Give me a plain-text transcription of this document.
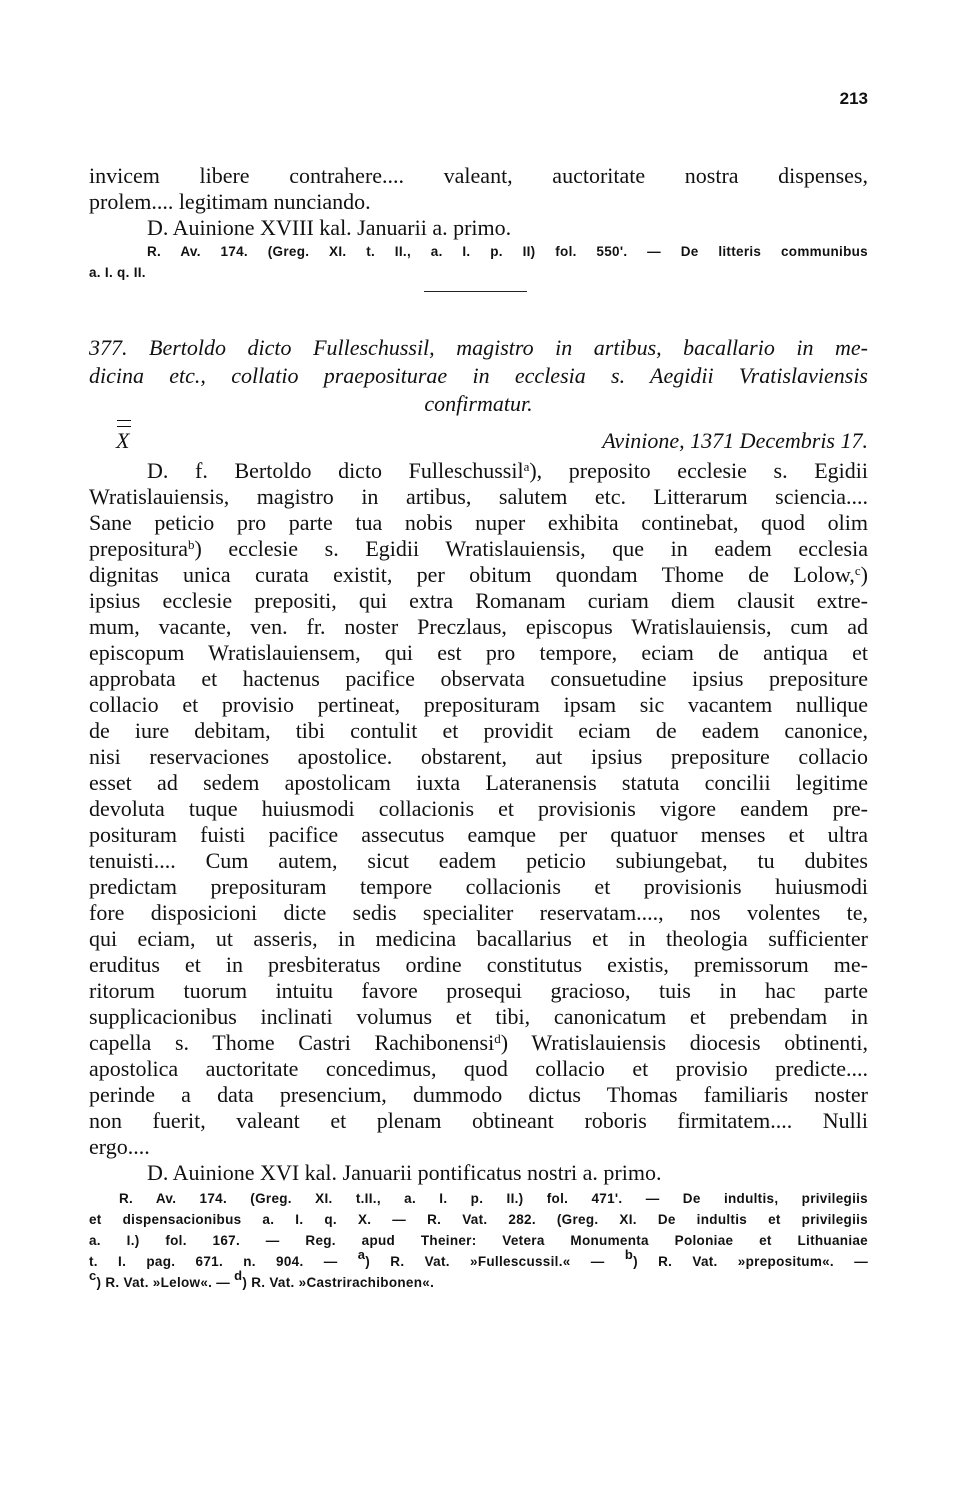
213
invicem libere contrahere.... valeant, auctoritate nostra dispenses,
prolem.... legitimam nunciando.
D. Auinione XVIII kal. Januarii a. primo.
R. Av. 174. (Greg. XI. t. II., a. I. p. II) fol. 550'. — De litteris communibus
a. I. q. II.
377. Bertoldo dicto Fulleschussil, magistro in artibus, bacallario in me-
dicina etc., collatio praepositurae in ecclesia s. Aegidii Vratislaviensis
confirmatur.
X	Avinione, 1371 Decembris 17.
D. f. Bertoldo dicto Fulleschussil$^a$), preposito ecclesie s. Egidii
Wratislauiensis, magistro in artibus, salutem etc. Litterarum sciencia....
Sane peticio pro parte tua nobis nuper exhibita continebat, quod olim
prepositura$^b$) ecclesie s. Egidii Wratislauiensis, que in eadem ecclesia
dignitas unica curata existit, per obitum quondam Thome de Lolow,$^c$)
ipsius ecclesie prepositi, qui extra Romanam curiam diem clausit extre-
mum, vacante, ven. fr. noster Preczlaus, episcopus Wratislauiensis, cum ad
episcopum Wratislauiensem, qui est pro tempore, eciam de antiqua et
approbata et hactenus pacifice observata consuetudine ipsius prepositure
collacio et provisio pertineat, preposituram ipsam sic vacantem nullique
de iure debitam, tibi contulit et providit eciam de eadem canonice,
nisi reservaciones apostolice. obstarent, aut ipsius prepositure collacio
esset ad sedem apostolicam iuxta Lateranensis statuta concilii legitime
devoluta tuque huiusmodi collacionis et provisionis vigore eandem pre-
posituram fuisti pacifice assecutus eamque per quatuor menses et ultra
tenuisti.... Cum autem, sicut eadem peticio subiungebat, tu dubites
predictam preposituram tempore collacionis et provisionis huiusmodi
fore disposicioni dicte sedis specialiter reservatam...., nos volentes te,
qui eciam, ut asseris, in medicina bacallarius et in theologia sufficienter
eruditus et in presbiteratus ordine constitutus existis, premissorum me-
ritorum tuorum intuitu favore prosequi gracioso, tuis in hac parte
supplicacionibus inclinati volumus et tibi, canonicatum et prebendam in
capella s. Thome Castri Rachibonensi$^d$) Wratislauiensis diocesis obtinenti,
apostolica auctoritate concedimus, quod collacio et provisio predicte....
perinde a data presencium, dummodo dictus Thomas familiaris noster
non fuerit, valeant et plenam obtineant roboris firmitatem.... Nulli
ergo....
D. Auinione XVI kal. Januarii pontificatus nostri a. primo.
R. Av. 174. (Greg. XI. t.II., a. I. p. II.) fol. 471'. — De indultis, privilegiis
et dispensacionibus a. I. q. X. — R. Vat. 282. (Greg. XI. De indultis et privilegiis
a. I.) fol. 167. — Reg. apud Theiner: Vetera Monumenta Poloniae et Lithuaniae
t. I. pag. 671. n. 904. — $^a$) R. Vat. »Fullescussil.« — $^b$) R. Vat. »prepositum«. —
$^c$) R. Vat. »Lelow«. — $^d$) R. Vat. »Castrirachibonen«.
